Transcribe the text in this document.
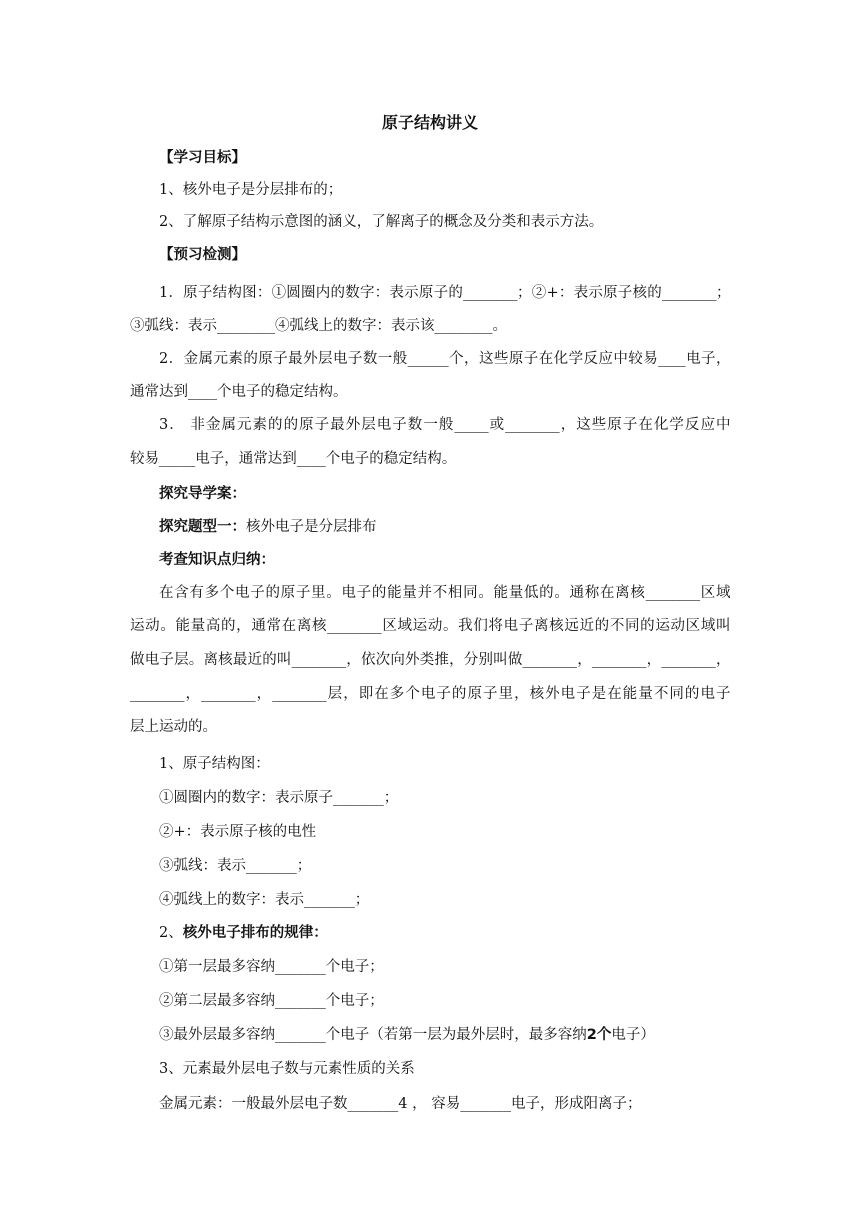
原子结构讲义
【学习目标】
1、核外电子是分层排布的；
2、了解原子结构示意图的涵义，了解离子的概念及分类和表示方法。
【预习检测】
1．原子结构图：①圆圈内的数字：表示原子的________；②+：表示原子核的________；
③弧线：表示________④弧线上的数字：表示该________。
2．金属元素的原子最外层电子数一般______个，这些原子在化学反应中较易____电子，
通常达到____个电子的稳定结构。
3． 非金属元素的的原子最外层电子数一般_____或________，这些原子在化学反应中
较易_____电子，通常达到____个电子的稳定结构。
探究导学案：
探究题型一：核外电子是分层排布
考查知识点归纳：
在含有多个电子的原子里。电子的能量并不相同。能量低的。通称在离核________区域
运动。能量高的，通常在离核________区域运动。我们将电子离核远近的不同的运动区域叫
做电子层。离核最近的叫________，依次向外类推，分别叫做________，________，________，
________，________，________层，即在多个电子的原子里，核外电子是在能量不同的电子
层上运动的。
1、原子结构图：
①圆圈内的数字：表示原子_______；
②+：表示原子核的电性
③弧线：表示_______；
④弧线上的数字：表示_______；
2、核外电子排布的规律：
①第一层最多容纳_______个电子；
②第二层最多容纳_______个电子；
③最外层最多容纳_______个电子（若第一层为最外层时，最多容纳2个电子）
3、元素最外层电子数与元素性质的关系
金属元素：一般最外层电子数_______4 ， 容易_______电子，形成阳离子；
